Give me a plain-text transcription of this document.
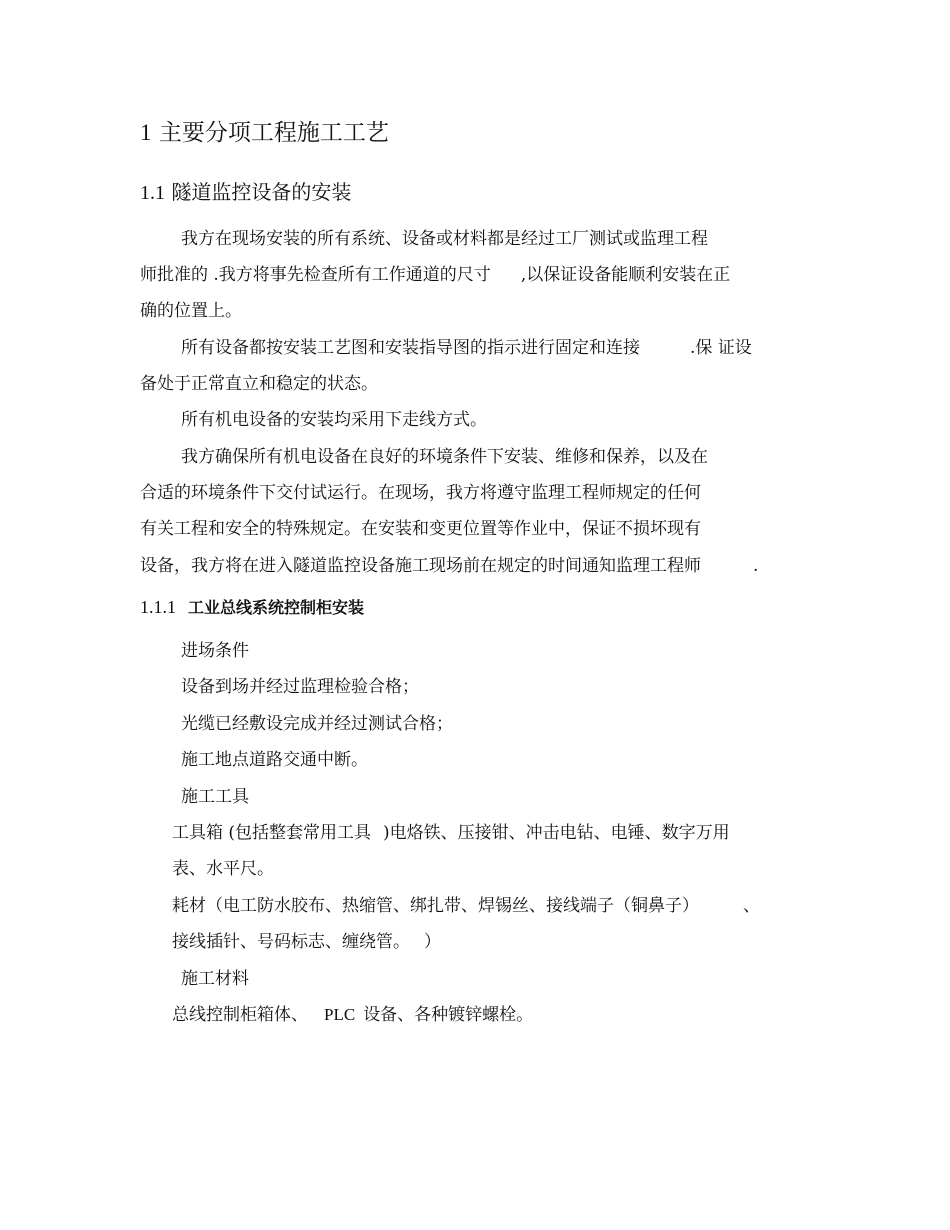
1 主要分项工程施工工艺
1.1 隧道监控设备的安装
我方在现场安装的所有系统、设备或材料都是经过工厂测试或监理工程
师批准的 .我方将事先检查所有工作通道的尺寸 ,以保证设备能顺利安装在正
确的位置上。
所有设备都按安装工艺图和安装指导图的指示进行固定和连接	.保 证设
备处于正常直立和稳定的状态。
所有机电设备的安装均采用下走线方式。
我方确保所有机电设备在良好的环境条件下安装、维修和保养，以及在
合适的环境条件下交付试运行。在现场，我方将遵守监理工程师规定的任何
有关工程和安全的特殊规定。在安装和变更位置等作业中，保证不损坏现有
设备，我方将在进入隧道监控设备施工现场前在规定的时间通知监理工程师	.
1.1.1 工业总线系统控制柜安装
进场条件
设备到场并经过监理检验合格；
光缆已经敷设完成并经过测试合格；
施工地点道路交通中断。
施工工具
工具箱 (包括整套常用工具 )电烙铁、压接钳、冲击电钻、电锤、数字万用
表、水平尺。
耗材（电工防水胶布、热缩管、绑扎带、焊锡丝、接线端子（铜鼻子）	、
接线插针、号码标志、缠绕管。 ）
施工材料
总线控制柜箱体、 PLC 设备、各种镀锌螺栓。
